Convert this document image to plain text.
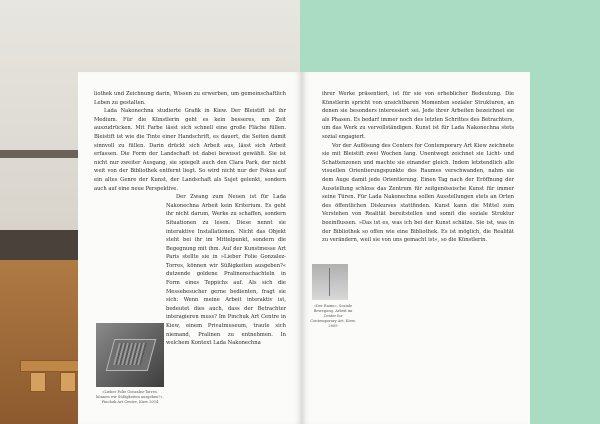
liothek und Zeichnung darin, Wissen zu erwerben, um gemeinschaftlich Leben zu gestalten.

Lada Nakonechna studierte Grafik in Kiew. Der Bleistift ist ihr Medium. Für die Künstlerin geht es kein besseres, um Zeit auszudrücken. Mit Farbe lässt sich schnell eine große Fläche füllen. Bleistift ist wie die Tinte einer Handschrift, es dauert, die Seiten damit sinnvoll zu füllen. Darin drückt sich Arbeit aus, lässt sich Arbeit erfassen. Die Form der Landschaft ist dabei bewusst gewählt. Sie ist nicht nur zweiter Ausgang, sie spiegelt auch den Clara Park, der nicht weit von der Bibliothek entfernt liegt. So wird nicht nur der Fokus auf ein altes Genre der Kunst, der Landschaft als Sujet gelenkt, sondern auch auf eine neue Perspektive.

Der Zwang zum Neuen ist für Lada Nakonechna Arbeit kein Kriterium. Es geht ihr nicht darum, Werke zu schaffen, sondern Situationen zu lesen. Diese nennt sie interaktive Installationen. Nicht das Objekt steht bei ihr im Mittelpunkt, sondern die Begegnung mit ihm. Auf der Kunstmesse Art Paris stellte sie in »Lieber Folie Gonzalez-Torres, können wir Süßigkeiten ausgeben?« dutzende goldene Pralinenschachteln in Form eines Teppichs auf. Als sich die Messebesucher gerne bedienten, fragt sie sich: Wenn meine Arbeit interaktiv ist, bedeutet dies auch, dass der Betrachter interagieren muss? Im Pinchuk Art Centre in Kiew, einem Privatmuseum, traute sich niemand, Pralinen zu entnehmen. In welchem Kontext Lada Nakonechna

»Lieber Folie Gonzalez-Torres, können wir Süßigkeiten ausgeben?«, Pinchuk Art Centre, Kiew 2014

ihrer Werke präsentiert, ist für sie von erheblicher Bedeutung. Die Künstlerin spricht von unsichtbaren Momenten sozialer Strukturen, an denen sie besonders interessiert sei. Jede ihrer Arbeiten bezeichnet sie als Phasen. Es bedarf immer noch des letzten Schrittes des Betrachters, um das Werk zu vervollständigen. Kunst ist für Lada Nakonechna stets sozial engagiert.

Vor der Auflösung des Centers for Contemporary Art Kiew zeichnete sie mit Bleistift zwei Wochen lang. Unentwegt zeichnet sie Licht- und Schattenzonen und machte sie einander gleich. Indem letztendlich alle visuellen Orientierungspunkte des Raumes verschwanden, nahm sie dem Auge damit jede Orientierung. Einen Tag nach der Eröffnung der Ausstellung schloss das Zentrum für zeitgenössische Kunst für immer seine Türen. Für Lada Nakonechna sollen Ausstellungen stets an Orten des öffentlichen Diskurses stattfinden. Kunst kann die Mittel zum Verstehen von Realität bereitstellen und somit die soziale Struktur beeinflussen. »Das ist es, was ich bei der Kunst schätze. Sie ist, was in der Bibliothek so offen wie eine Bibliothek. Es ist möglich, die Realität zu verändern, weil sie von uns gemacht ist«, so die Künstlerin.

»Der Raum«, Soziale Bewegung. Arbeit im Center for Contemporary Art, Kiew, 2009
